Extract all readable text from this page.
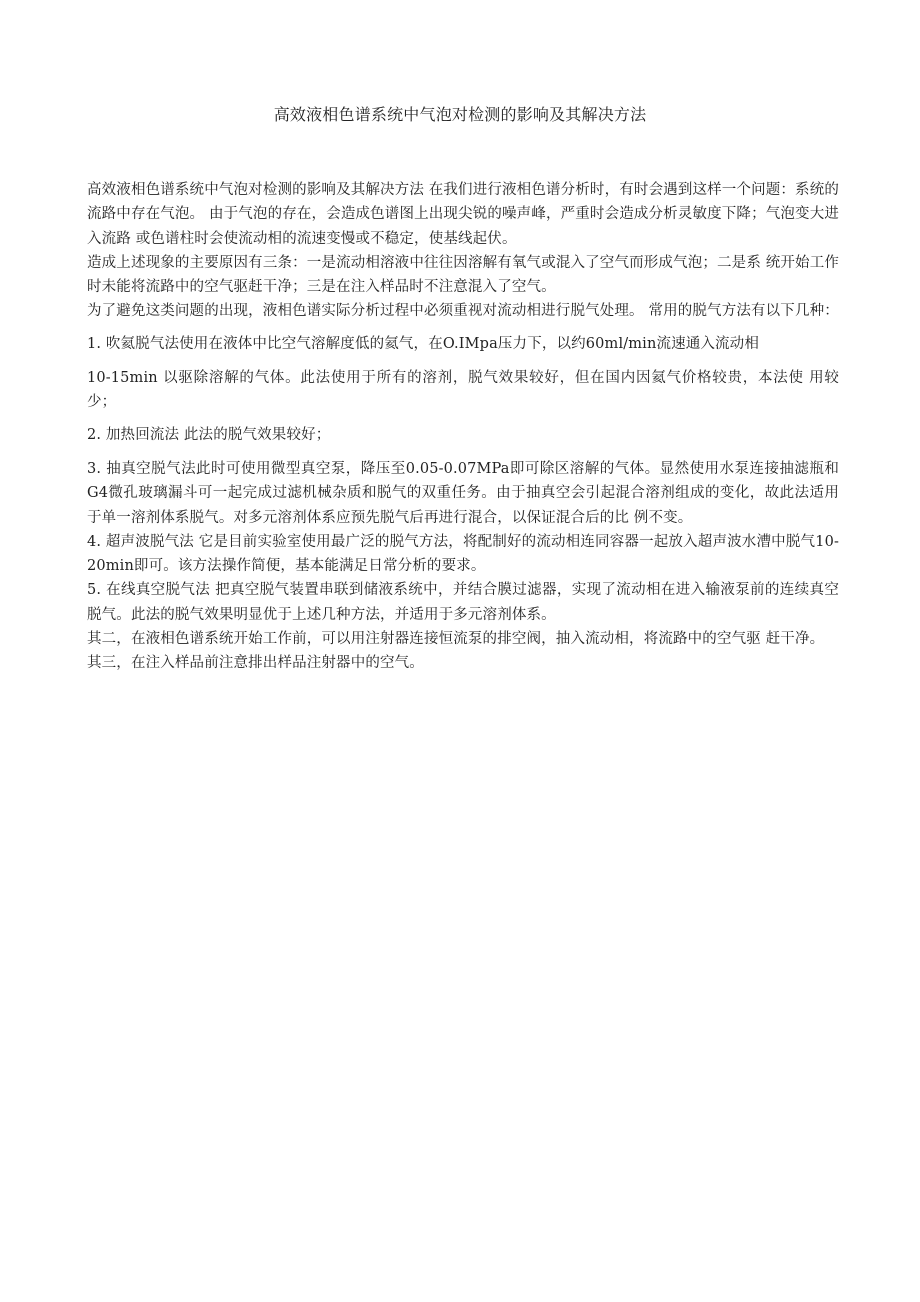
高效液相色谱系统中气泡对检测的影响及其解决方法

高效液相色谱系统中气泡对检测的影响及其解决方法 在我们进行液相色谱分析时，有时会遇到这样一个问题：系统的流路中存在气泡。 由于气泡的存在，会造成色谱图上出现尖锐的噪声峰，严重时会造成分析灵敏度下降；气泡变大进入流路 或色谱柱时会使流动相的流速变慢或不稳定，使基线起伏。

造成上述现象的主要原因有三条：一是流动相溶液中往往因溶解有氧气或混入了空气而形成气泡；二是系 统开始工作时未能将流路中的空气驱赶干净；三是在注入样品时不注意混入了空气。

为了避免这类问题的出现，液相色谱实际分析过程中必须重视对流动相进行脱气处理。 常用的脱气方法有以下几种：

1. 吹氦脱气法使用在液体中比空气溶解度低的氦气，在O.IMpa压力下，以约60ml/min流速通入流动相

10-15min 以驱除溶解的气体。此法使用于所有的溶剂，脱气效果较好，但在国内因氦气价格较贵，本法使 用较少；

2. 加热回流法 此法的脱气效果较好；

3. 抽真空脱气法此时可使用微型真空泵，降压至0.05-0.07MPa即可除区溶解的气体。显然使用水泵连接抽滤瓶和G4微孔玻璃漏斗可一起完成过滤机械杂质和脱气的双重任务。由于抽真空会引起混合溶剂组成的变化，故此法适用于单一溶剂体系脱气。对多元溶剂体系应预先脱气后再进行混合，以保证混合后的比 例不变。

4. 超声波脱气法 它是目前实验室使用最广泛的脱气方法，将配制好的流动相连同容器一起放入超声波水漕中脱气10-20min即可。该方法操作简便，基本能满足日常分析的要求。

5. 在线真空脱气法 把真空脱气装置串联到储液系统中，并结合膜过滤器，实现了流动相在进入输液泵前的连续真空脱气。此法的脱气效果明显优于上述几种方法，并适用于多元溶剂体系。

其二，在液相色谱系统开始工作前，可以用注射器连接恒流泵的排空阀，抽入流动相，将流路中的空气驱 赶干净。

其三，在注入样品前注意排出样品注射器中的空气。
